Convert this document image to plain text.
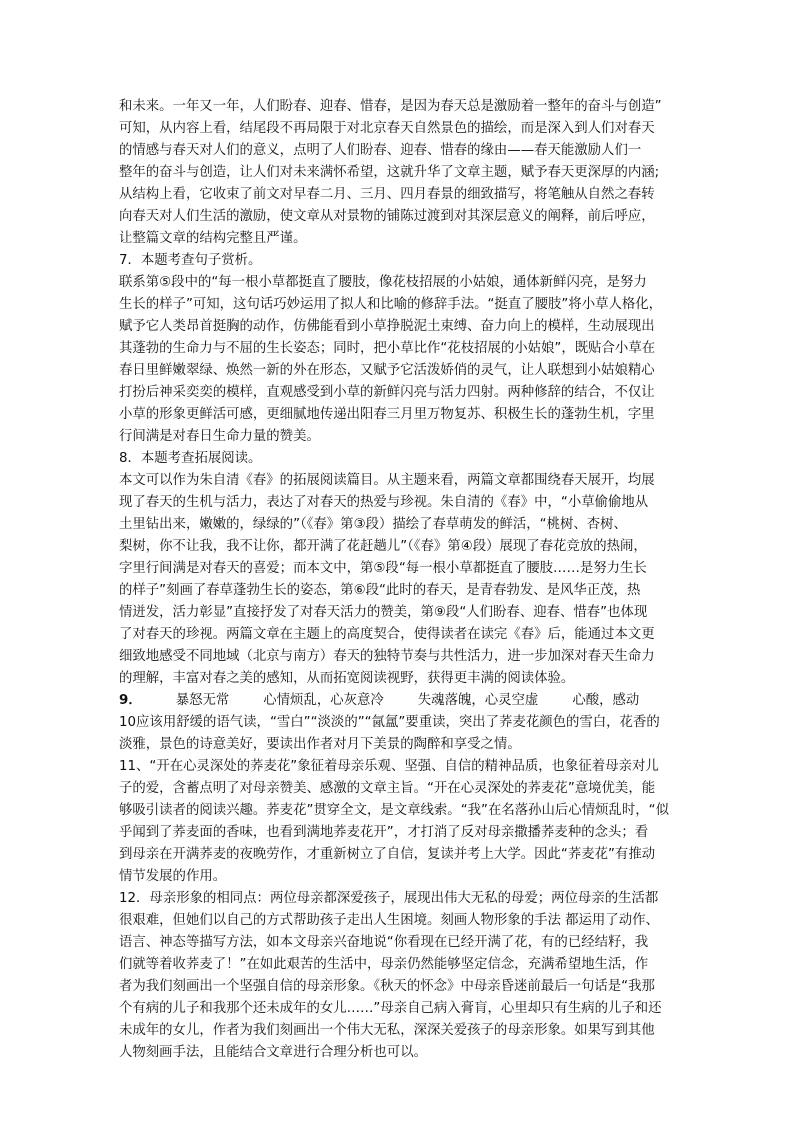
和未来。一年又一年，人们盼春、迎春、惜春，是因为春天总是激励着一整年的奋斗与创造”
可知，从内容上看，结尾段不再局限于对北京春天自然景色的描绘，而是深入到人们对春天
的情感与春天对人们的意义，点明了人们盼春、迎春、惜春的缘由——春天能激励人们一
整年的奋斗与创造，让人们对未来满怀希望，这就升华了文章主题，赋予春天更深厚的内涵;
从结构上看，它收束了前文对早春二月、三月、四月春景的细致描写，将笔触从自然之春转
向春天对人们生活的激励，使文章从对景物的铺陈过渡到对其深层意义的阐释，前后呼应，
让整篇文章的结构完整且严谨。
7．本题考查句子赏析。
联系第⑤段中的“每一根小草都挺直了腰肢，像花枝招展的小姑娘，通体新鲜闪亮，是努力
生长的样子”可知，这句话巧妙运用了拟人和比喻的修辞手法。“挺直了腰肢”将小草人格化，
赋予它人类昂首挺胸的动作，仿佛能看到小草挣脱泥土束缚、奋力向上的模样，生动展现出
其蓬勃的生命力与不屈的生长姿态；同时，把小草比作“花枝招展的小姑娘”，既贴合小草在
春日里鲜嫩翠绿、焕然一新的外在形态，又赋予它活泼娇俏的灵气，让人联想到小姑娘精心
打扮后神采奕奕的模样，直观感受到小草的新鲜闪亮与活力四射。两种修辞的结合，不仅让
小草的形象更鲜活可感，更细腻地传递出阳春三月里万物复苏、积极生长的蓬勃生机，字里
行间满是对春日生命力量的赞美。
8．本题考查拓展阅读。
本文可以作为朱自清《春》的拓展阅读篇目。从主题来看，两篇文章都围绕春天展开，均展
现了春天的生机与活力，表达了对春天的热爱与珍视。朱自清的《春》中，“小草偷偷地从
土里钻出来，嫩嫩的，绿绿的”（《春》第③段）描绘了春草萌发的鲜活，“桃树、杏树、
梨树，你不让我，我不让你，都开满了花赶趟儿”（《春》第④段）展现了春花竞放的热闹，
字里行间满是对春天的喜爱；而本文中，第⑤段“每一根小草都挺直了腰肢……是努力生长
的样子”刻画了春草蓬勃生长的姿态，第⑥段“此时的春天，是青春勃发、是风华正茂，热
情迸发，活力彰显”直接抒发了对春天活力的赞美，第⑨段“人们盼春、迎春、惜春”也体现
了对春天的珍视。两篇文章在主题上的高度契合，使得读者在读完《春》后，能通过本文更
细致地感受不同地域（北京与南方）春天的独特节奏与共性活力，进一步加深对春天生命力
的理解，丰富对春之美的感知，从而拓宽阅读视野，获得更丰满的阅读体验。
9．	暴怒无常	心情烦乱，心灰意冷	失魂落魄，心灵空虚	心酸，感动
10应该用舒缓的语气读，“雪白”“淡淡的”“氤氲”要重读，突出了荞麦花颜色的雪白，花香的
淡雅，景色的诗意美好，要读出作者对月下美景的陶醉和享受之情。
11、“开在心灵深处的荞麦花”象征着母亲乐观、坚强、自信的精神品质，也象征着母亲对儿
子的爱，含蓄点明了对母亲赞美、感激的文章主旨。“开在心灵深处的荞麦花”意境优美，能
够吸引读者的阅读兴趣。荞麦花”贯穿全文，是文章线索。“我”在名落孙山后心情烦乱时，“似
乎闻到了荞麦面的香味，也看到满地荞麦花开”，才打消了反对母亲撒播荞麦种的念头；看
到母亲在开满荞麦的夜晚劳作，才重新树立了自信，复读并考上大学。因此“荞麦花”有推动
情节发展的作用。
12．母亲形象的相同点：两位母亲都深爱孩子，展现出伟大无私的母爱；两位母亲的生活都
很艰难，但她们以自己的方式帮助孩子走出人生困境。刻画人物形象的手法 都运用了动作、
语言、神态等描写方法，如本文母亲兴奋地说“你看现在已经开满了花，有的已经结籽，我
们就等着收荞麦了！”在如此艰苦的生活中，母亲仍然能够坚定信念，充满希望地生活，作
者为我们刻画出一个坚强自信的母亲形象。《秋天的怀念》中母亲昏迷前最后一句话是“我那
个有病的儿子和我那个还未成年的女儿……”母亲自己病入膏肓，心里却只有生病的儿子和还
未成年的女儿，作者为我们刻画出一个伟大无私，深深关爱孩子的母亲形象。如果写到其他
人物刻画手法，且能结合文章进行合理分析也可以。
